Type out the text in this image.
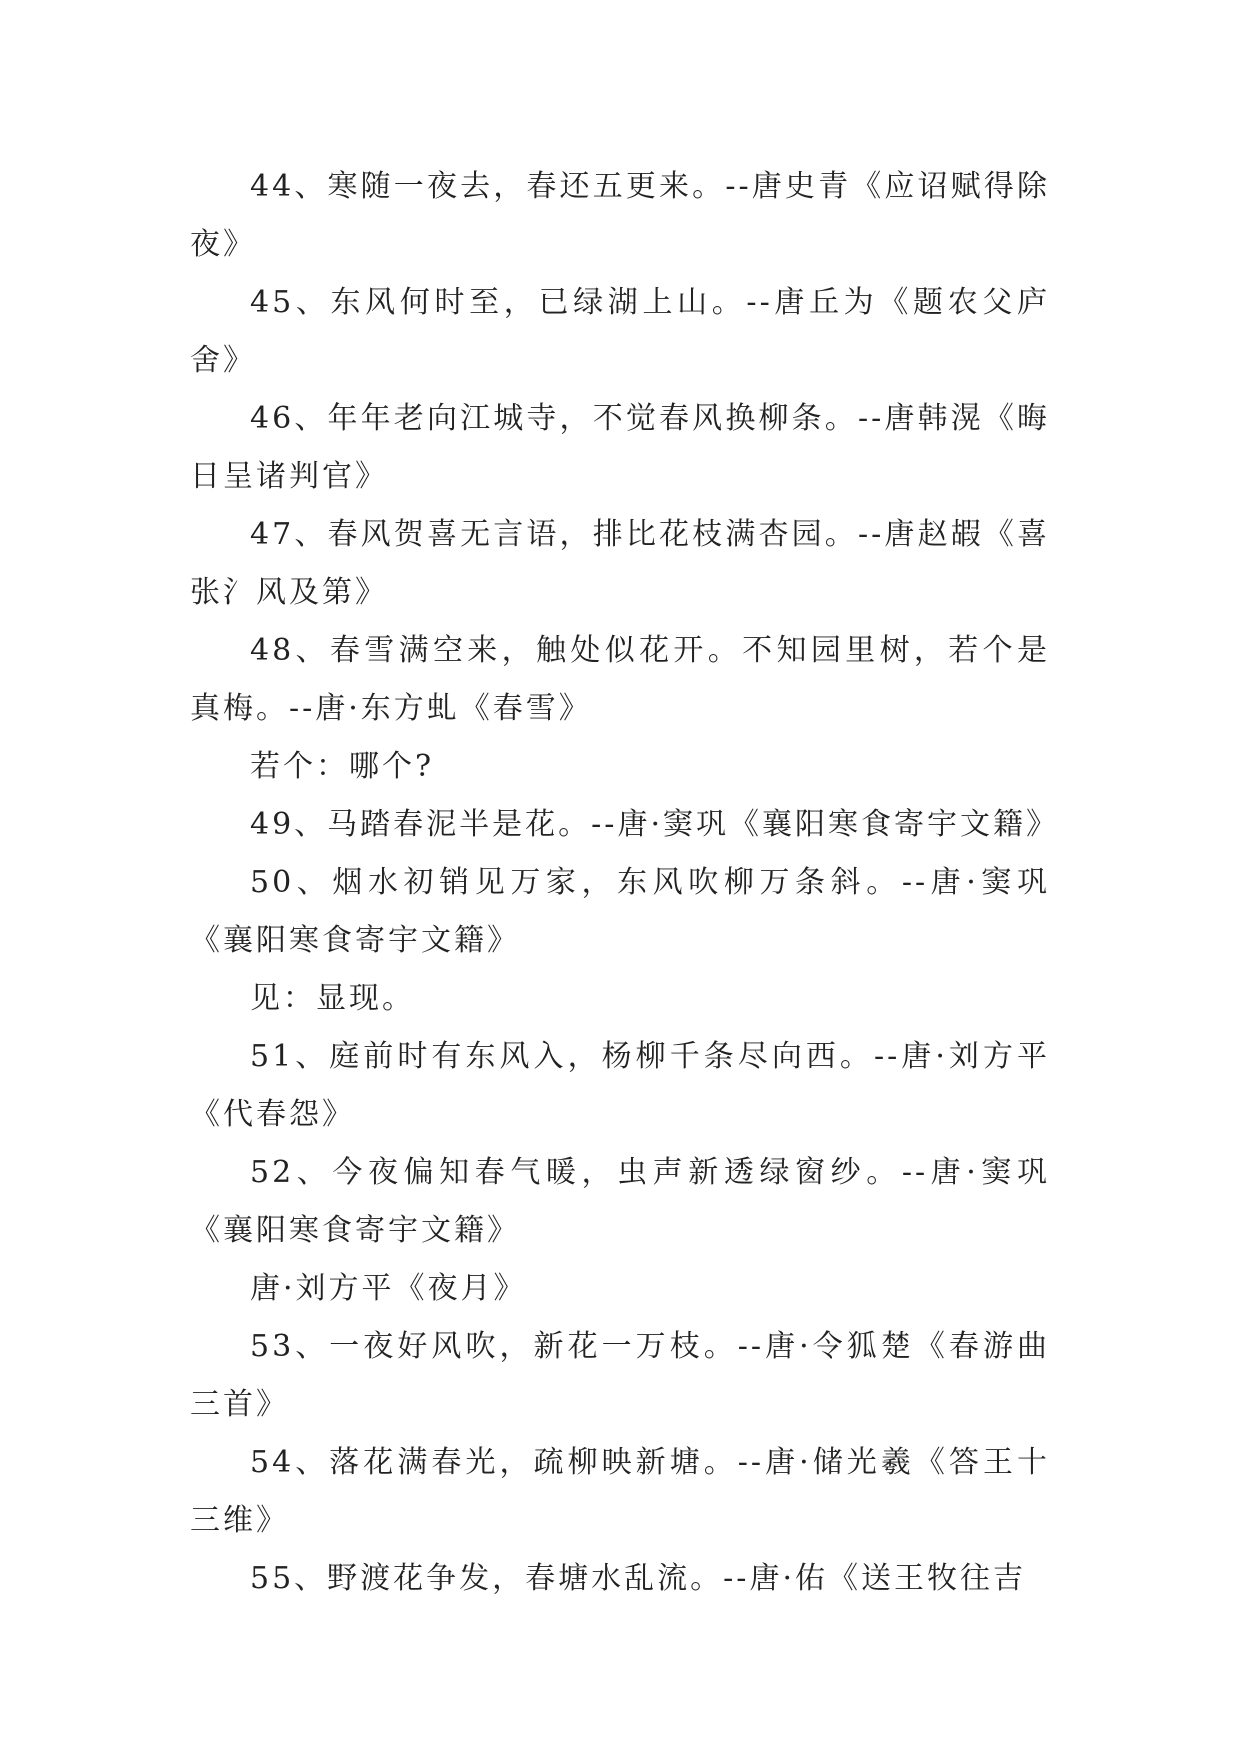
44、寒随一夜去，春还五更来。--唐史青《应诏赋得除夜》

45、东风何时至，已绿湖上山。--唐丘为《题农父庐舍》

46、年年老向江城寺，不觉春风换柳条。--唐韩滉《晦日呈诸判官》

47、春风贺喜无言语，排比花枝满杏园。--唐赵嘏《喜张氵风及第》

48、春雪满空来，触处似花开。不知园里树，若个是真梅。--唐·东方虬《春雪》

若个：哪个?

49、马踏春泥半是花。--唐·窦巩《襄阳寒食寄宇文籍》

50、烟水初销见万家，东风吹柳万条斜。--唐·窦巩《襄阳寒食寄宇文籍》

见：显现。

51、庭前时有东风入，杨柳千条尽向西。--唐·刘方平《代春怨》

52、今夜偏知春气暖，虫声新透绿窗纱。--唐·窦巩《襄阳寒食寄宇文籍》

唐·刘方平《夜月》

53、一夜好风吹，新花一万枝。--唐·令狐楚《春游曲三首》

54、落花满春光，疏柳映新塘。--唐·储光羲《答王十三维》

55、野渡花争发，春塘水乱流。--唐·佑《送王牧往吉
